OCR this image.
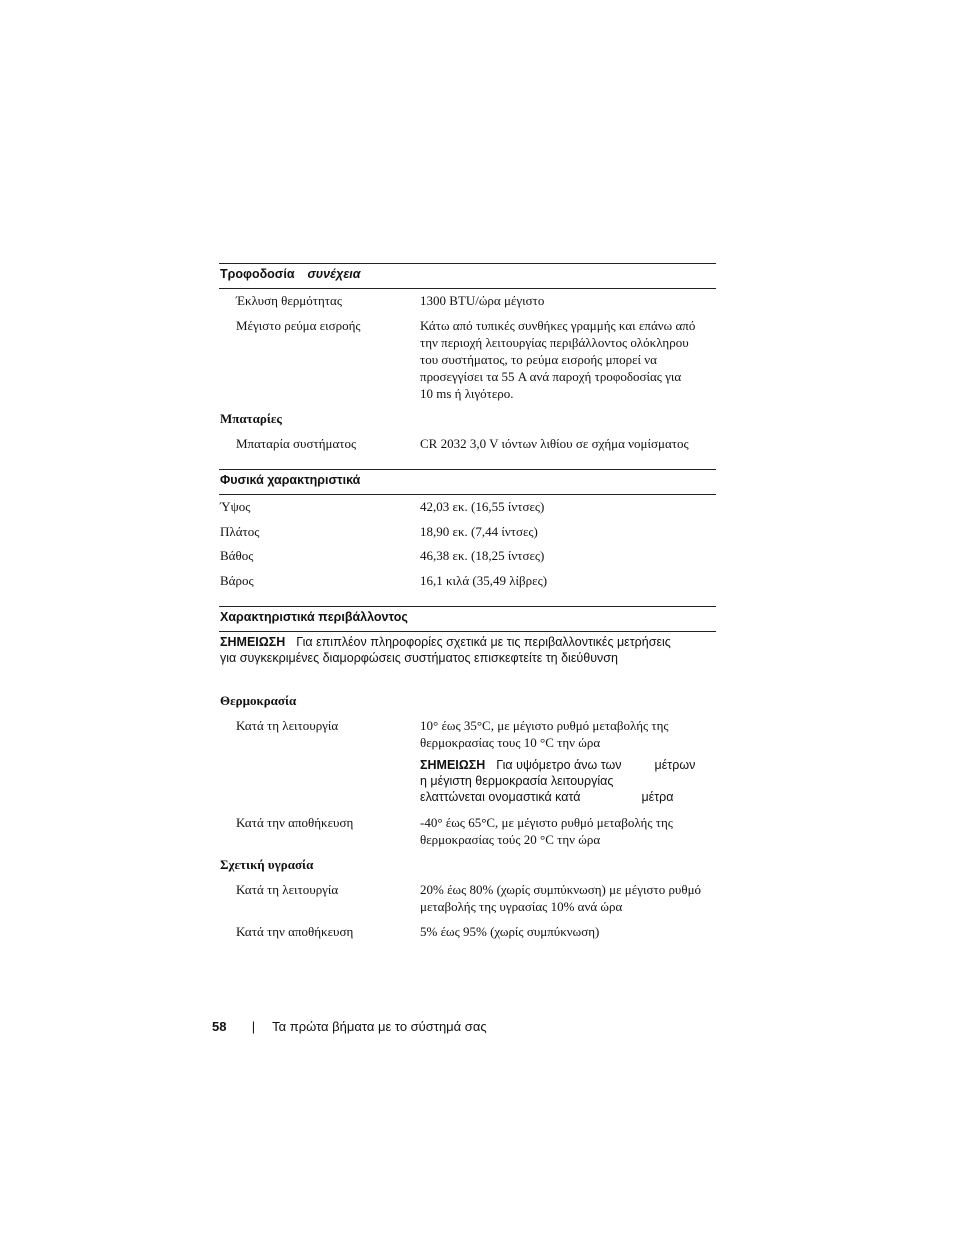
Τροφοδοσία συνέχεια
Έκλυση θερμότητας	1300 BTU/ώρα μέγιστο
Μέγιστο ρεύμα εισροής	Κάτω από τυπικές συνθήκες γραμμής και επάνω από
την περιοχή λειτουργίας περιβάλλοντος ολόκληρου
του συστήματος, το ρεύμα εισροής μπορεί να
προσεγγίσει τα 55 A ανά παροχή τροφοδοσίας για
10 ms ή λιγότερο.
Μπαταρίες
Μπαταρία συστήματος	CR 2032 3,0 V ιόντων λιθίου σε σχήμα νομίσματος
Φυσικά χαρακτηριστικά
Ύψος	42,03 εκ. (16,55 ίντσες)
Πλάτος	18,90 εκ. (7,44 ίντσες)
Βάθος	46,38 εκ. (18,25 ίντσες)
Βάρος	16,1 κιλά (35,49 λίβρες)
Χαρακτηριστικά περιβάλλοντος
ΣΗΜΕΙΩΣΗ Για επιπλέον πληροφορίες σχετικά με τις περιβαλλοντικές μετρήσεις
για συγκεκριμένες διαμορφώσεις συστήματος επισκεφτείτε τη διεύθυνση
Θερμοκρασία
Κατά τη λειτουργία	10° έως 35°C, με μέγιστο ρυθμό μεταβολής της
θερμοκρασίας τους 10 °C την ώρα
ΣΗΜΕΙΩΣΗ Για υψόμετρο άνω των	μέτρων
η μέγιστη θερμοκρασία λειτουργίας
ελαττώνεται ονομαστικά κατά	μέτρα
Κατά την αποθήκευση	-40° έως 65°C, με μέγιστο ρυθμό μεταβολής της
θερμοκρασίας τούς 20 °C την ώρα
Σχετική υγρασία
Κατά τη λειτουργία	20% έως 80% (χωρίς συμπύκνωση) με μέγιστο ρυθμό
μεταβολής της υγρασίας 10% ανά ώρα
Κατά την αποθήκευση	5% έως 95% (χωρίς συμπύκνωση)
58 | Τα πρώτα βήματα με το σύστημά σας
